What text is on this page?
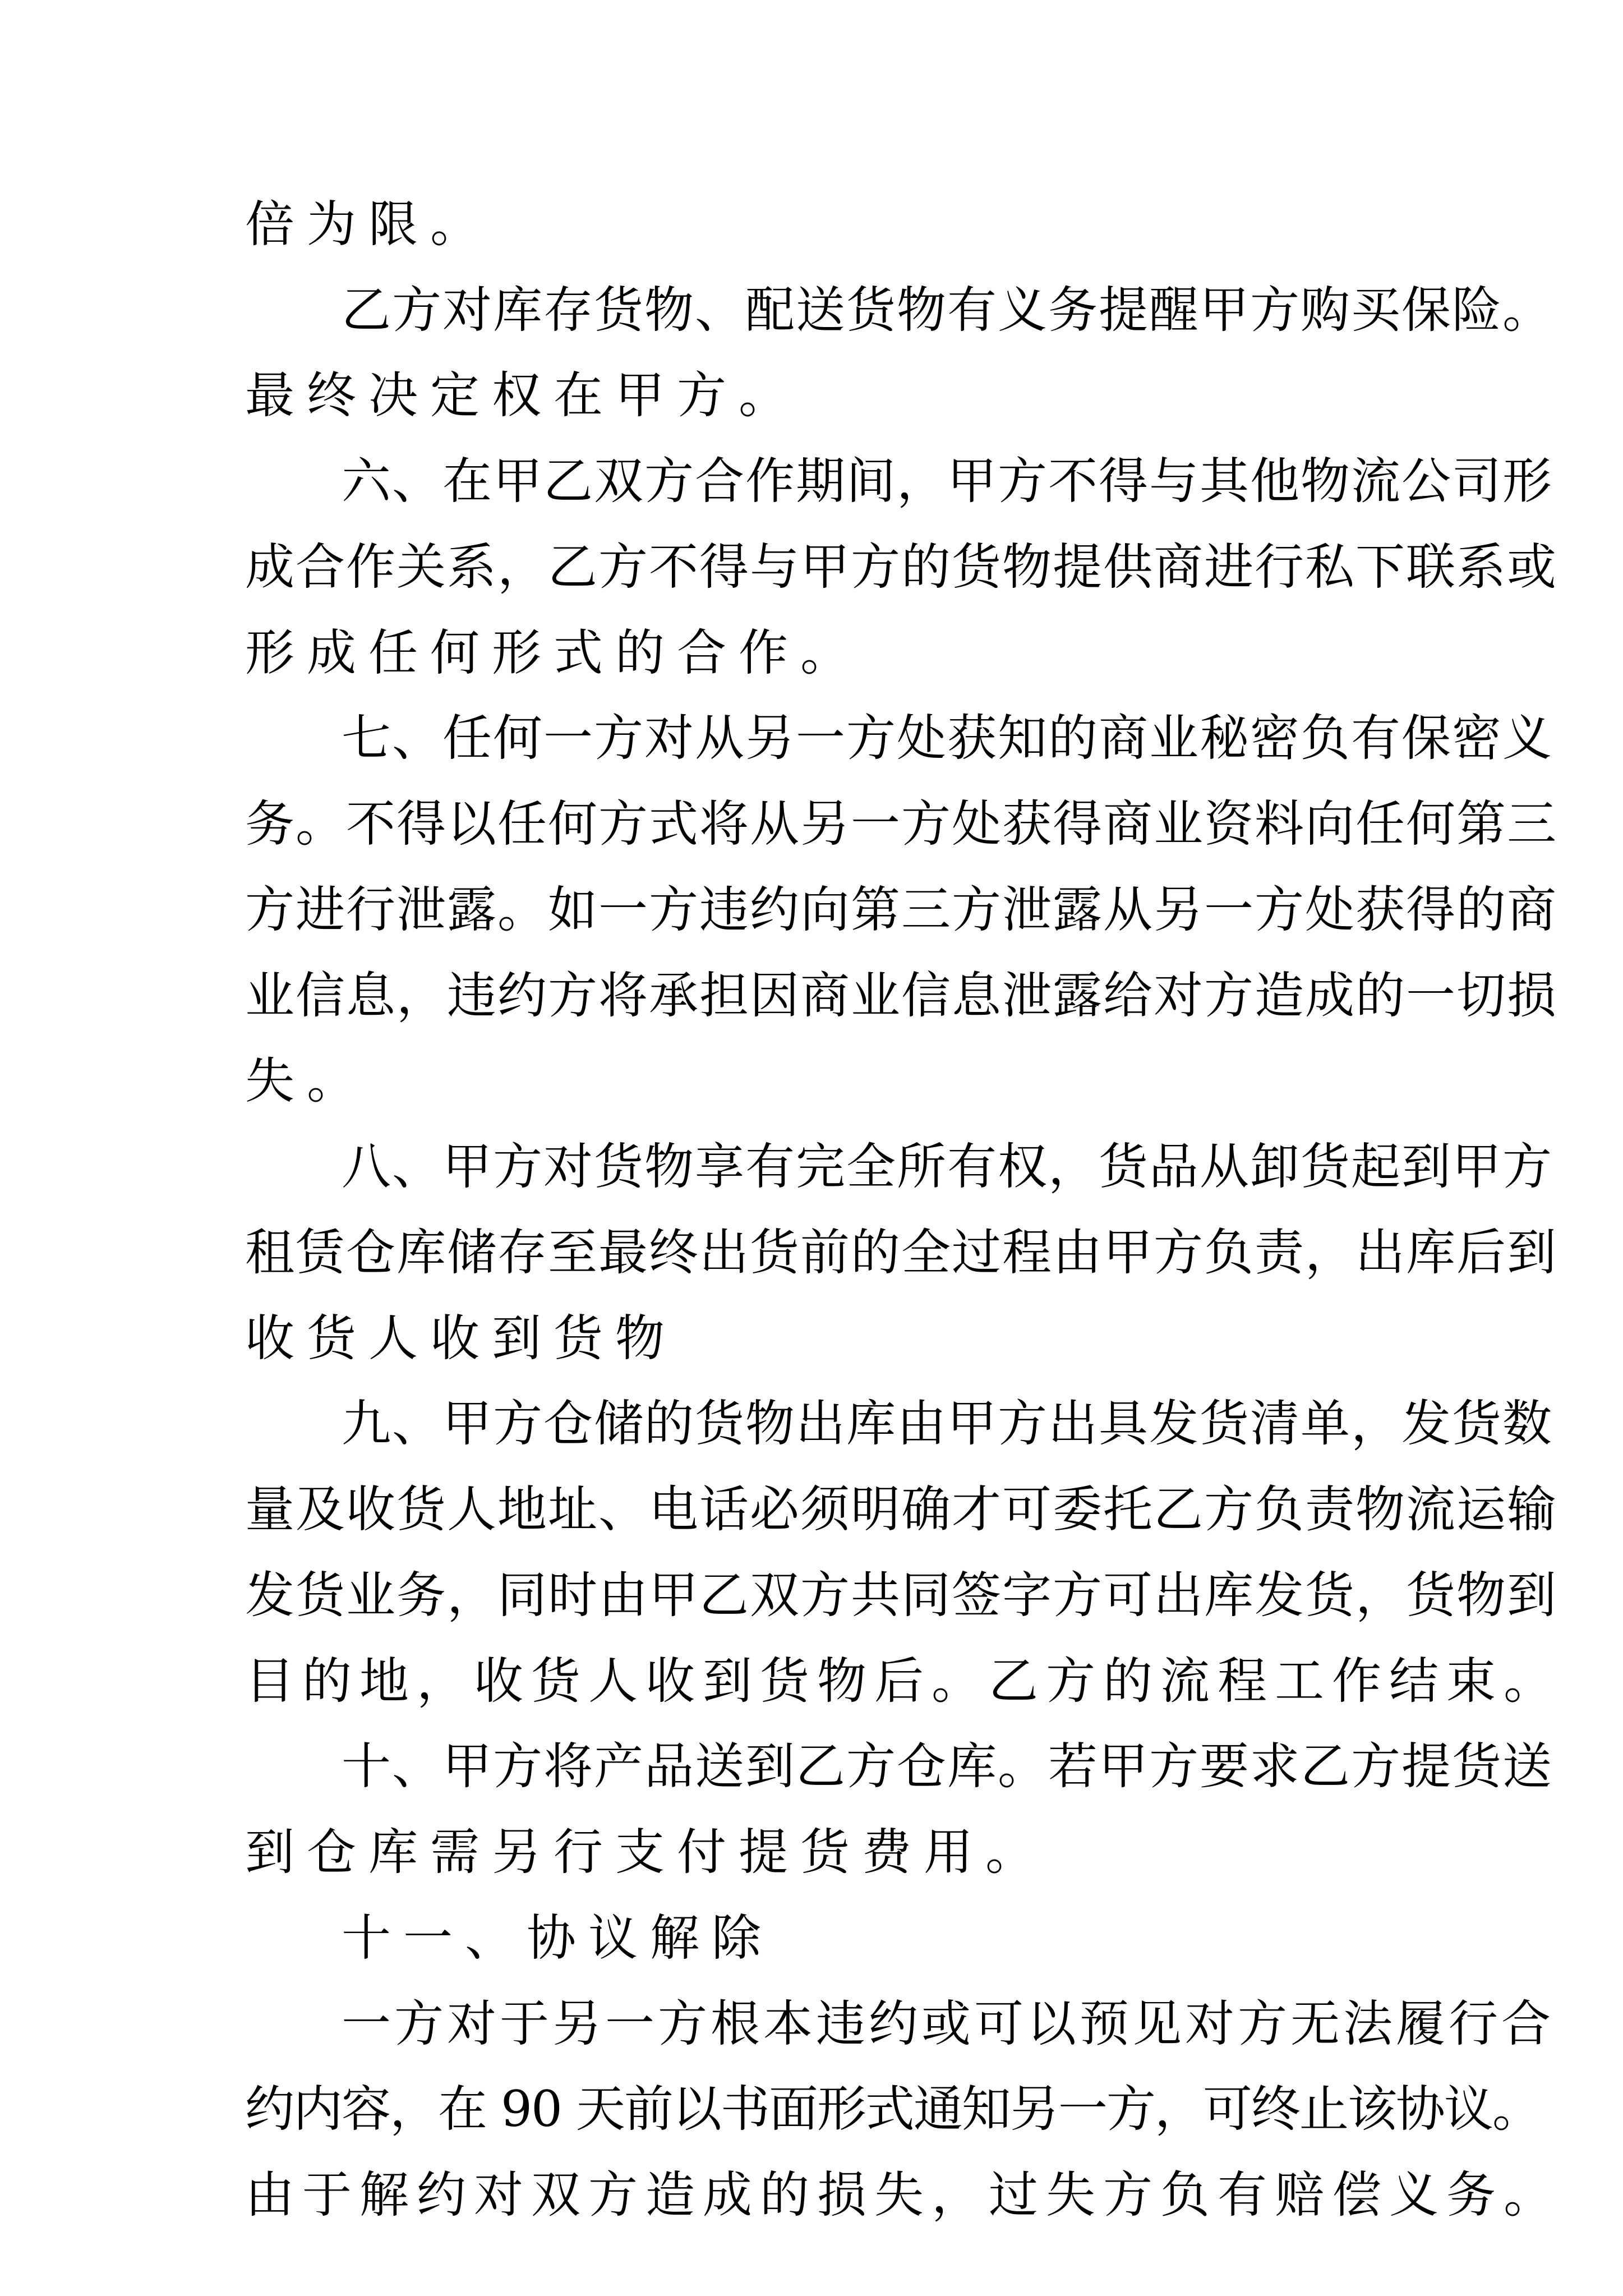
倍为限。
乙方对库存货物、配送货物有义务提醒甲方购买保险。
最终决定权在甲方。
六、在甲乙双方合作期间，甲方不得与其他物流公司形
成合作关系，乙方不得与甲方的货物提供商进行私下联系或
形成任何形式的合作。
七、任何一方对从另一方处获知的商业秘密负有保密义
务。不得以任何方式将从另一方处获得商业资料向任何第三
方进行泄露。如一方违约向第三方泄露从另一方处获得的商
业信息，违约方将承担因商业信息泄露给对方造成的一切损
失。
八、甲方对货物享有完全所有权，货品从卸货起到甲方
租赁仓库储存至最终出货前的全过程由甲方负责，出库后到
收货人收到货物
九、甲方仓储的货物出库由甲方出具发货清单，发货数
量及收货人地址、电话必须明确才可委托乙方负责物流运输
发货业务，同时由甲乙双方共同签字方可出库发货，货物到
目的地，收货人收到货物后。乙方的流程工作结束。
十、甲方将产品送到乙方仓库。若甲方要求乙方提货送
到仓库需另行支付提货费用。
十一、协议解除
一方对于另一方根本违约或可以预见对方无法履行合
约内容，在 90 天前以书面形式通知另一方，可终止该协议。
由于解约对双方造成的损失，过失方负有赔偿义务。
